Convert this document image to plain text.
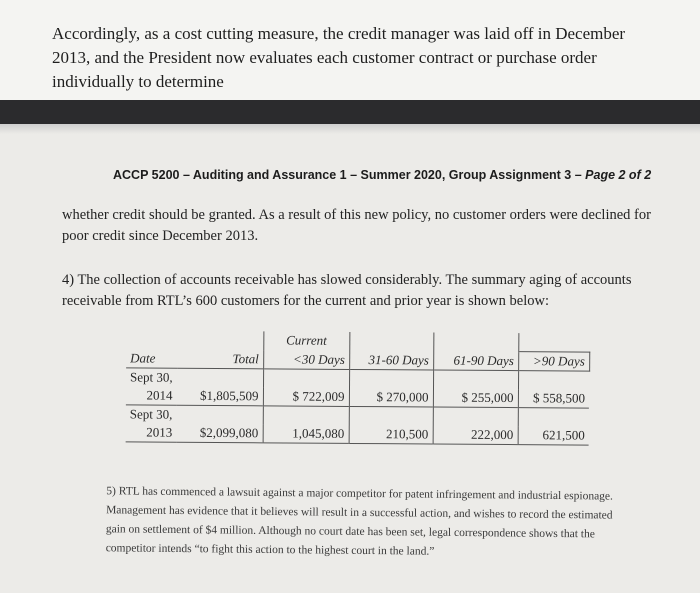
Accordingly, as a cost cutting measure, the credit manager was laid off in December 2013, and the President now evaluates each customer contract or purchase order individually to determine

ACCP 5200 – Auditing and Assurance 1 – Summer 2020, Group Assignment 3 – Page 2 of 2

whether credit should be granted. As a result of this new policy, no customer orders were declined for poor credit since December 2013.

4) The collection of accounts receivable has slowed considerably. The summary aging of accounts receivable from RTL’s 600 customers for the current and prior year is shown below:

		Current			
Date	Total	<30 Days	31-60 Days	61-90 Days	>90 Days
Sept 30,					
2014	$1,805,509	$ 722,009	$ 270,000	$ 255,000	$ 558,500
Sept 30,					
2013	$2,099,080	1,045,080	210,500	222,000	621,500

5) RTL has commenced a lawsuit against a major competitor for patent infringement and industrial espionage. Management has evidence that it believes will result in a successful action, and wishes to record the estimated gain on settlement of $4 million. Although no court date has been set, legal correspondence shows that the competitor intends “to fight this action to the highest court in the land.”
